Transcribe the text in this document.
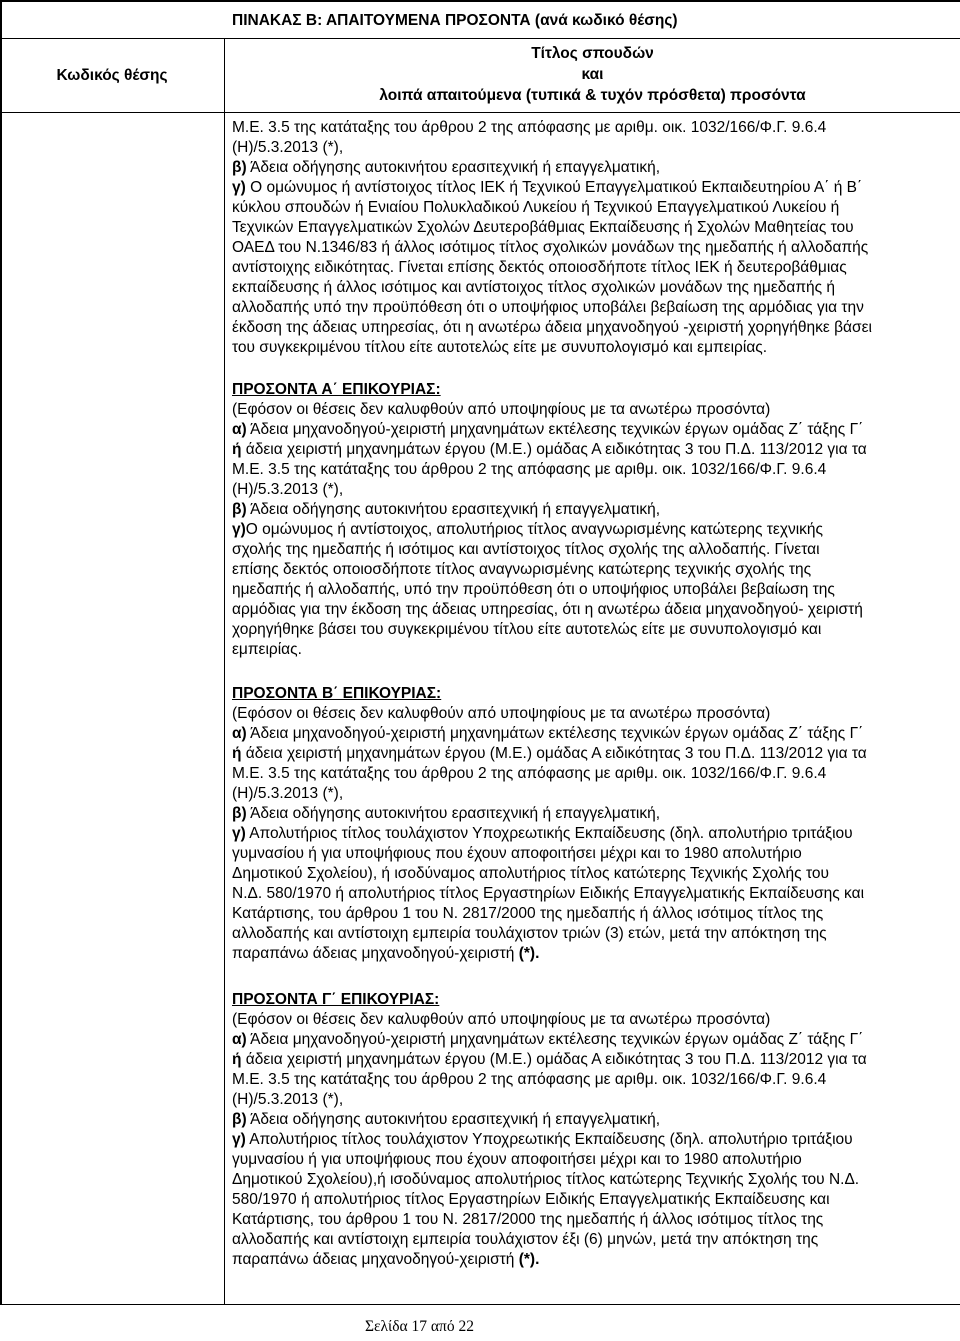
ΠΙΝΑΚΑΣ Β: ΑΠΑΙΤΟΥΜΕΝΑ ΠΡΟΣΟΝΤΑ (ανά κωδικό θέσης)
Κωδικός θέσης
Τίτλος σπουδών
και
λοιπά απαιτούμενα (τυπικά & τυχόν πρόσθετα) προσόντα
Μ.Ε. 3.5 της κατάταξης του άρθρου 2 της απόφασης με αριθμ. οικ. 1032/166/Φ.Γ. 9.6.4
(Η)/5.3.2013 (*),
β) Άδεια οδήγησης αυτοκινήτου ερασιτεχνική ή επαγγελματική,
γ) Ο ομώνυμος ή αντίστοιχος τίτλος ΙΕΚ ή Τεχνικού Επαγγελματικού Εκπαιδευτηρίου Α΄ ή Β΄
κύκλου σπουδών ή Ενιαίου Πολυκλαδικού Λυκείου ή Τεχνικού Επαγγελματικού Λυκείου ή
Τεχνικών Επαγγελματικών Σχολών Δευτεροβάθμιας Εκπαίδευσης ή Σχολών Μαθητείας του
ΟΑΕΔ του Ν.1346/83 ή άλλος ισότιμος τίτλος σχολικών μονάδων της ημεδαπής ή αλλοδαπής
αντίστοιχης ειδικότητας. Γίνεται επίσης δεκτός οποιοσδήποτε τίτλος ΙΕΚ ή δευτεροβάθμιας
εκπαίδευσης ή άλλος ισότιμος και αντίστοιχος τίτλος σχολικών μονάδων της ημεδαπής ή
αλλοδαπής υπό την προϋπόθεση ότι ο υποψήφιος υποβάλει βεβαίωση της αρμόδιας για την
έκδοση της άδειας υπηρεσίας, ότι η ανωτέρω άδεια μηχανοδηγού -χειριστή χορηγήθηκε βάσει
του συγκεκριμένου τίτλου είτε αυτοτελώς είτε με συνυπολογισμό και εμπειρίας.
ΠΡΟΣΟΝΤΑ Α΄ ΕΠΙΚΟΥΡΙΑΣ:
(Εφόσον οι θέσεις δεν καλυφθούν από υποψηφίους με τα ανωτέρω προσόντα)
α) Άδεια μηχανοδηγού-χειριστή μηχανημάτων εκτέλεσης τεχνικών έργων ομάδας Ζ΄ τάξης Γ΄
ή άδεια χειριστή μηχανημάτων έργου (Μ.Ε.) ομάδας Α ειδικότητας 3 του Π.Δ. 113/2012 για τα
Μ.Ε. 3.5 της κατάταξης του άρθρου 2 της απόφασης με αριθμ. οικ. 1032/166/Φ.Γ. 9.6.4
(Η)/5.3.2013 (*),
β) Άδεια οδήγησης αυτοκινήτου ερασιτεχνική ή επαγγελματική,
γ)Ο ομώνυμος ή αντίστοιχος, απολυτήριος τίτλος αναγνωρισμένης κατώτερης τεχνικής
σχολής της ημεδαπής ή ισότιμος και αντίστοιχος τίτλος σχολής της αλλοδαπής. Γίνεται
επίσης δεκτός οποιοσδήποτε τίτλος αναγνωρισμένης κατώτερης τεχνικής σχολής της
ημεδαπής ή αλλοδαπής, υπό την προϋπόθεση ότι ο υποψήφιος υποβάλει βεβαίωση της
αρμόδιας για την έκδοση της άδειας υπηρεσίας, ότι η ανωτέρω άδεια μηχανοδηγού- χειριστή
χορηγήθηκε βάσει του συγκεκριμένου τίτλου είτε αυτοτελώς είτε με συνυπολογισμό και
εμπειρίας.
ΠΡΟΣΟΝΤΑ Β΄ ΕΠΙΚΟΥΡΙΑΣ:
(Εφόσον οι θέσεις δεν καλυφθούν από υποψηφίους με τα ανωτέρω προσόντα)
α) Άδεια μηχανοδηγού-χειριστή μηχανημάτων εκτέλεσης τεχνικών έργων ομάδας Ζ΄ τάξης Γ΄
ή άδεια χειριστή μηχανημάτων έργου (Μ.Ε.) ομάδας Α ειδικότητας 3 του Π.Δ. 113/2012 για τα
Μ.Ε. 3.5 της κατάταξης του άρθρου 2 της απόφασης με αριθμ. οικ. 1032/166/Φ.Γ. 9.6.4
(Η)/5.3.2013 (*),
β) Άδεια οδήγησης αυτοκινήτου ερασιτεχνική ή επαγγελματική,
γ) Απολυτήριος τίτλος τουλάχιστον Υποχρεωτικής Εκπαίδευσης (δηλ. απολυτήριο τριτάξιου
γυμνασίου ή για υποψήφιους που έχουν αποφοιτήσει μέχρι και το 1980 απολυτήριο
Δημοτικού Σχολείου), ή ισοδύναμος απολυτήριος τίτλος κατώτερης Τεχνικής Σχολής του
Ν.Δ. 580/1970 ή απολυτήριος τίτλος Εργαστηρίων Ειδικής Επαγγελματικής Εκπαίδευσης και
Κατάρτισης, του άρθρου 1 του Ν. 2817/2000 της ημεδαπής ή άλλος ισότιμος τίτλος της
αλλοδαπής και αντίστοιχη εμπειρία τουλάχιστον τριών (3) ετών, μετά την απόκτηση της
παραπάνω άδειας μηχανοδηγού-χειριστή (*).
ΠΡΟΣΟΝΤΑ Γ΄ ΕΠΙΚΟΥΡΙΑΣ:
(Εφόσον οι θέσεις δεν καλυφθούν από υποψηφίους με τα ανωτέρω προσόντα)
α) Άδεια μηχανοδηγού-χειριστή μηχανημάτων εκτέλεσης τεχνικών έργων ομάδας Ζ΄ τάξης Γ΄
ή άδεια χειριστή μηχανημάτων έργου (Μ.Ε.) ομάδας Α ειδικότητας 3 του Π.Δ. 113/2012 για τα
Μ.Ε. 3.5 της κατάταξης του άρθρου 2 της απόφασης με αριθμ. οικ. 1032/166/Φ.Γ. 9.6.4
(Η)/5.3.2013 (*),
β) Άδεια οδήγησης αυτοκινήτου ερασιτεχνική ή επαγγελματική,
γ) Απολυτήριος τίτλος τουλάχιστον Υποχρεωτικής Εκπαίδευσης (δηλ. απολυτήριο τριτάξιου
γυμνασίου ή για υποψήφιους που έχουν αποφοιτήσει μέχρι και το 1980 απολυτήριο
Δημοτικού Σχολείου),ή ισοδύναμος απολυτήριος τίτλος κατώτερης Τεχνικής Σχολής του Ν.Δ.
580/1970 ή απολυτήριος τίτλος Εργαστηρίων Ειδικής Επαγγελματικής Εκπαίδευσης και
Κατάρτισης, του άρθρου 1 του Ν. 2817/2000 της ημεδαπής ή άλλος ισότιμος τίτλος της
αλλοδαπής και αντίστοιχη εμπειρία τουλάχιστον έξι (6) μηνών, μετά την απόκτηση της
παραπάνω άδειας μηχανοδηγού-χειριστή (*).
Σελίδα 17 από 22
